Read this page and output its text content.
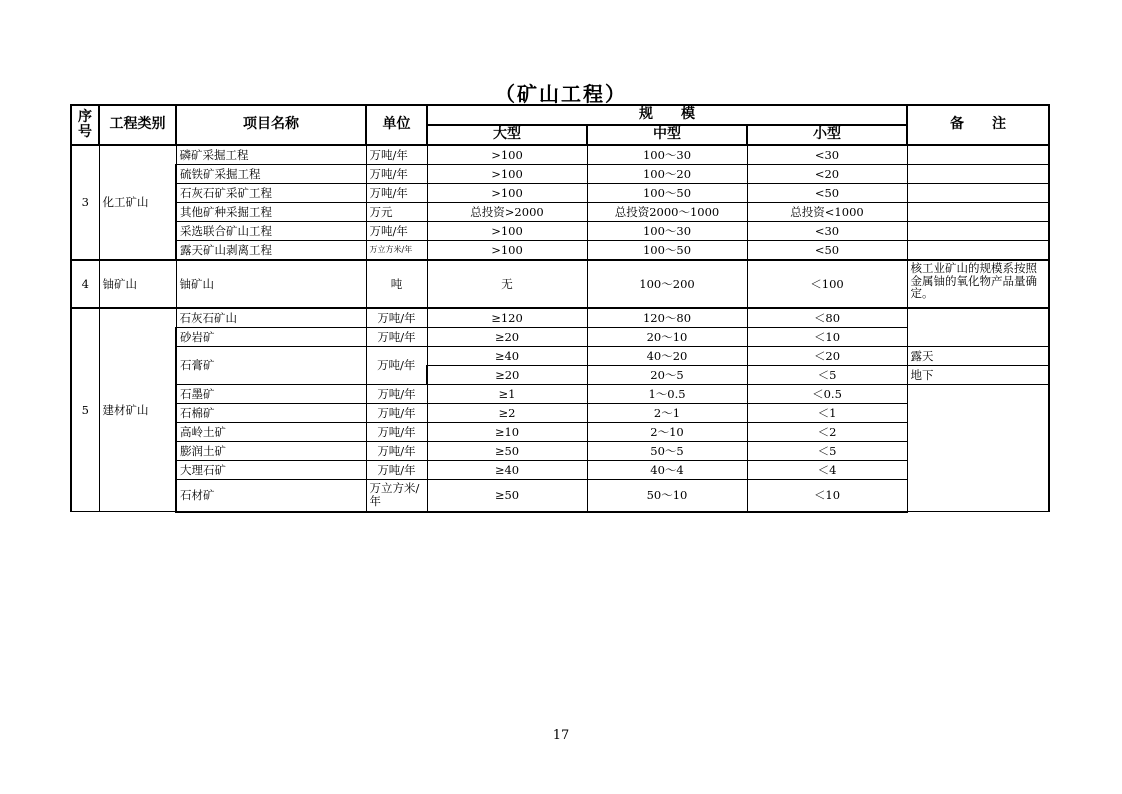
（矿山工程）
序号	工程类别	项目名称	单位	规　　模			备　　注
				大型	中型	小型	
3	化工矿山	磷矿采掘工程	万吨/年	>100	100～30	<30	
		硫铁矿采掘工程	万吨/年	>100	100～20	<20	
		石灰石矿采矿工程	万吨/年	>100	100～50	<50	
		其他矿种采掘工程	万元	总投资>2000	总投资2000～1000	总投资<1000	
		采选联合矿山工程	万吨/年	>100	100～30	<30	
		露天矿山剥离工程	万立方米/年	>100	100～50	<50	
4	铀矿山	铀矿山	吨	无	100～200	＜100	核工业矿山的规模系按照金属铀的氧化物产品量确定。
5	建材矿山	石灰石矿山	万吨/年	≥120	120～80	＜80	
		砂岩矿	万吨/年	≥20	20～10	＜10	
		石膏矿	万吨/年	≥40	40～20	＜20	露天
				≥20	20～5	＜5	地下
		石墨矿	万吨/年	≥1	1～0.5	＜0.5	
		石棉矿	万吨/年	≥2	2～1	＜1	
		高岭土矿	万吨/年	≥10	2～10	＜2	
		膨润土矿	万吨/年	≥50	50～5	＜5	
		大理石矿	万吨/年	≥40	40～4	＜4	
		石材矿	万立方米/年	≥50	50～10	＜10	
17
